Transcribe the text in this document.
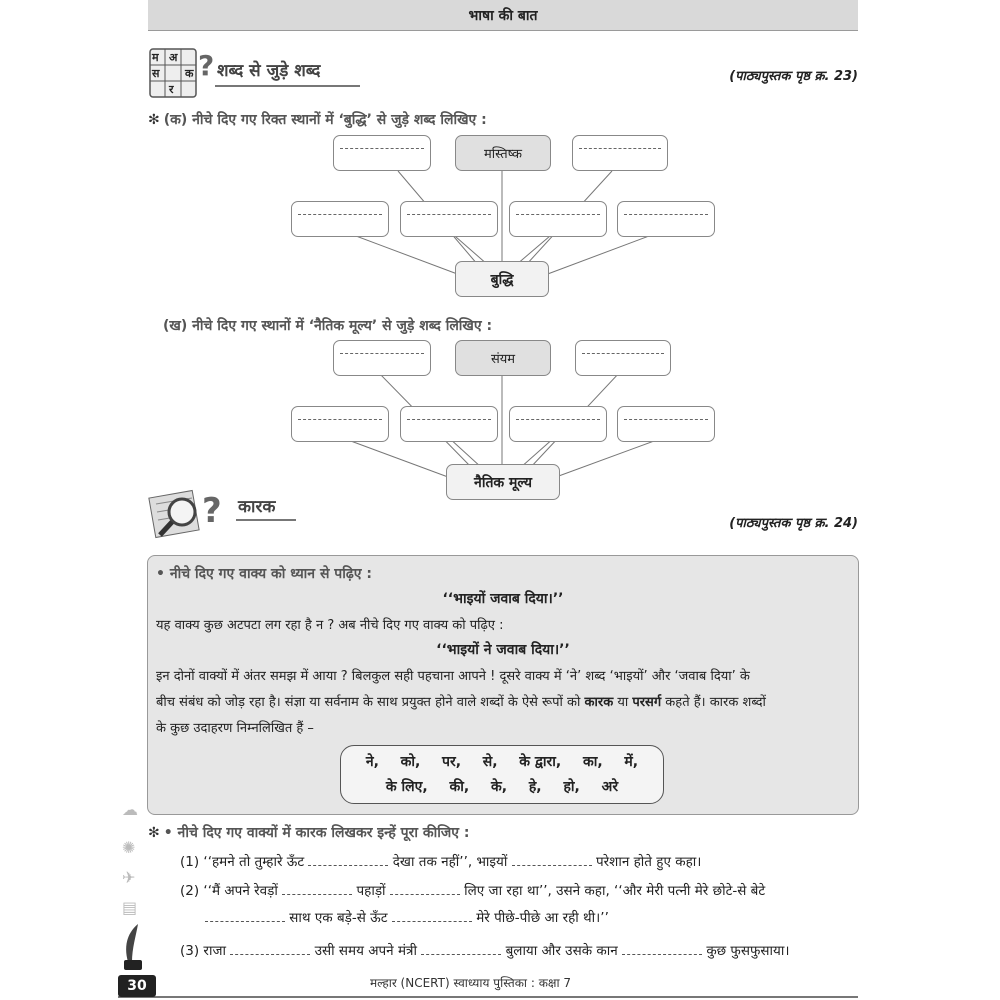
भाषा की बात
?
म अ
स क
र
शब्द से जुड़े शब्द	(पाठ्यपुस्तक पृष्ठ क्र. 23)
✻ (क) नीचे दिए गए रिक्त स्थानों में ‘बुद्धि’ से जुड़े शब्द लिखिए :
मस्तिष्क
बुद्धि
(ख) नीचे दिए गए स्थानों में ‘नैतिक मूल्य’ से जुड़े शब्द लिखिए :
संयम
नैतिक मूल्य
? कारक
(पाठ्यपुस्तक पृष्ठ क्र. 24)
• नीचे दिए गए वाक्य को ध्यान से पढ़िए :
‘‘भाइयों जवाब दिया।’’
यह वाक्य कुछ अटपटा लग रहा है न ? अब नीचे दिए गए वाक्य को पढ़िए :
‘‘भाइयों ने जवाब दिया।’’
इन दोनों वाक्यों में अंतर समझ में आया ? बिलकुल सही पहचाना आपने ! दूसरे वाक्य में ‘ने’ शब्द ‘भाइयों’ और ‘जवाब दिया’ के
बीच संबंध को जोड़ रहा है। संज्ञा या सर्वनाम के साथ प्रयुक्त होने वाले शब्दों के ऐसे रूपों को कारक या परसर्ग कहते हैं। कारक शब्दों
के कुछ उदाहरण निम्नलिखित हैं –
ने, को, पर, से, के द्वारा, का, में,
के लिए, की, के, हे, हो, अरे
☁
✺
✈
▤
✻ • नीचे दिए गए वाक्यों में कारक लिखकर इन्हें पूरा कीजिए :
(1) ‘‘हमने तो तुम्हारे ऊँट	देखा तक नहीं’’, भाइयों	परेशान होते हुए कहा।
(2) ‘‘मैं अपने रेवड़ों	पहाड़ों	लिए जा रहा था’’, उसने कहा, ‘‘और मेरी पत्नी मेरे छोटे-से बेटे
साथ एक बड़े-से ऊँट	मेरे पीछे-पीछे आ रही थी।’’
(3) राजा	उसी समय अपने मंत्री	बुलाया और उसके कान	कुछ फुसफुसाया।
30	मल्हार (NCERT) स्वाध्याय पुस्तिका : कक्षा 7
